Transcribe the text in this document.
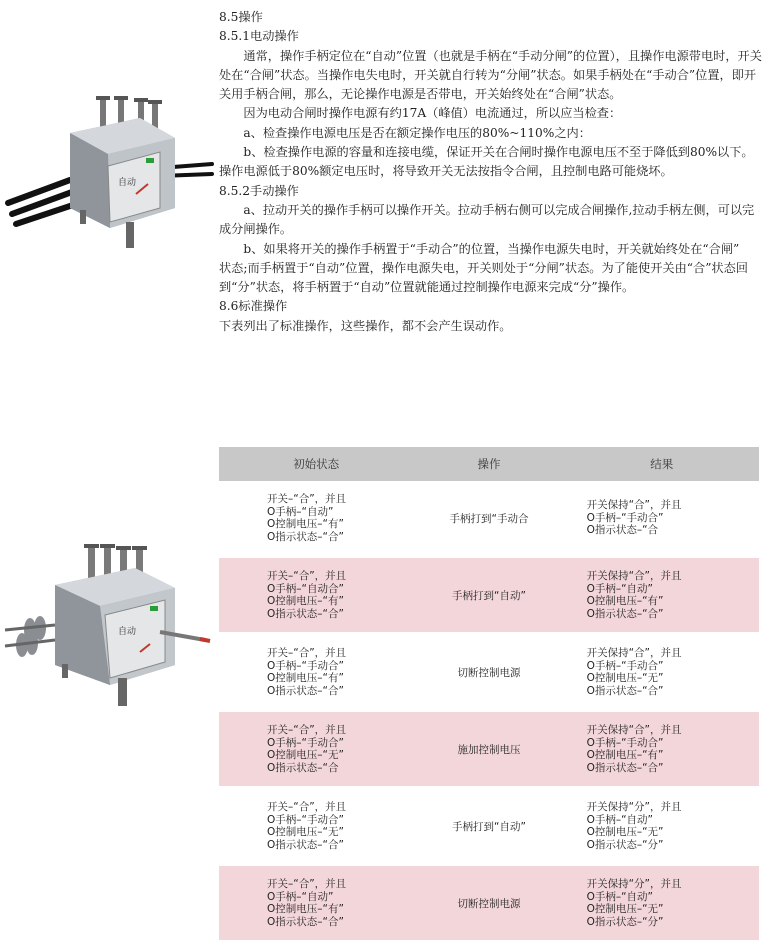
自动
自动

8.5操作

8.5.1电动操作

通常，操作手柄定位在“自动”位置（也就是手柄在“手动分闸”的位置），且操作电源带电时，开关处在“合闸”状态。当操作电失电时，开关就自行转为“分闸”状态。如果手柄处在“手动合”位置，即开关用手柄合闸，那么，无论操作电源是否带电，开关始终处在“合闸”状态。

因为电动合闸时操作电源有约17A（峰值）电流通过，所以应当检查：

a、检查操作电源电压是否在额定操作电压的80%~110%之内：

b、检查操作电源的容量和连接电缆，保证开关在合闸时操作电源电压不至于降低到80%以下。

操作电源低于80%额定电压时，将导致开关无法按指令合闸，且控制电路可能烧坏。

8.5.2手动操作

a、拉动开关的操作手柄可以操作开关。拉动手柄右侧可以完成合闸操作,拉动手柄左侧，可以完成分闸操作。

b、如果将开关的操作手柄置于“手动合”的位置，当操作电源失电时，开关就始终处在“合闸”

状态;而手柄置于“自动”位置，操作电源失电，开关则处于“分闸”状态。为了能使开关由“合”状态回到“分”状态，将手柄置于“自动”位置就能通过控制操作电源来完成“分”操作。

8.6标准操作

下表列出了标准操作，这些操作，都不会产生误动作。

初始状态	操作	结果

开关–“合”，并且
O手柄–“自动”
O控制电压–“有”
O指示状态–“合”	手柄打到“手动合	开关保持“合”，并且
O手柄–“手动合”
O指示状态–“合

开关–“合”，并且
O手柄–“自动合”
O控制电压–“有”
O指示状态–“合”	手柄打到“自动”	开关保持“合”，并且
O手柄–“自动”
O控制电压–“有”
O指示状态–“合”

开关–“合”，并且
O手柄–“手动合”
O控制电压–“有”
O指示状态–“合”	切断控制电源	开关保持“合”，并且
O手柄–“手动合”
O控制电压–“无”
O指示状态–“合”

开关–“合”，并且
O手柄–“手动合”
O控制电压–“无”
O指示状态–“合	施加控制电压	开关保持“合”，并且
O手柄–“手动合”
O控制电压–“有”
O指示状态–“合”

开关–“合”，并且
O手柄–“手动合”
O控制电压–“无”
O指示状态–“合”	手柄打到“自动”	开关保持“分”，并且
O手柄–“自动”
O控制电压–“无”
O指示状态–“分”

开关–“合”，并且
O手柄–“自动”
O控制电压–“有”
O指示状态–“合”	切断控制电源	开关保持“分”，并且
O手柄–“自动”
O控制电压–“无”
O指示状态–“分”
